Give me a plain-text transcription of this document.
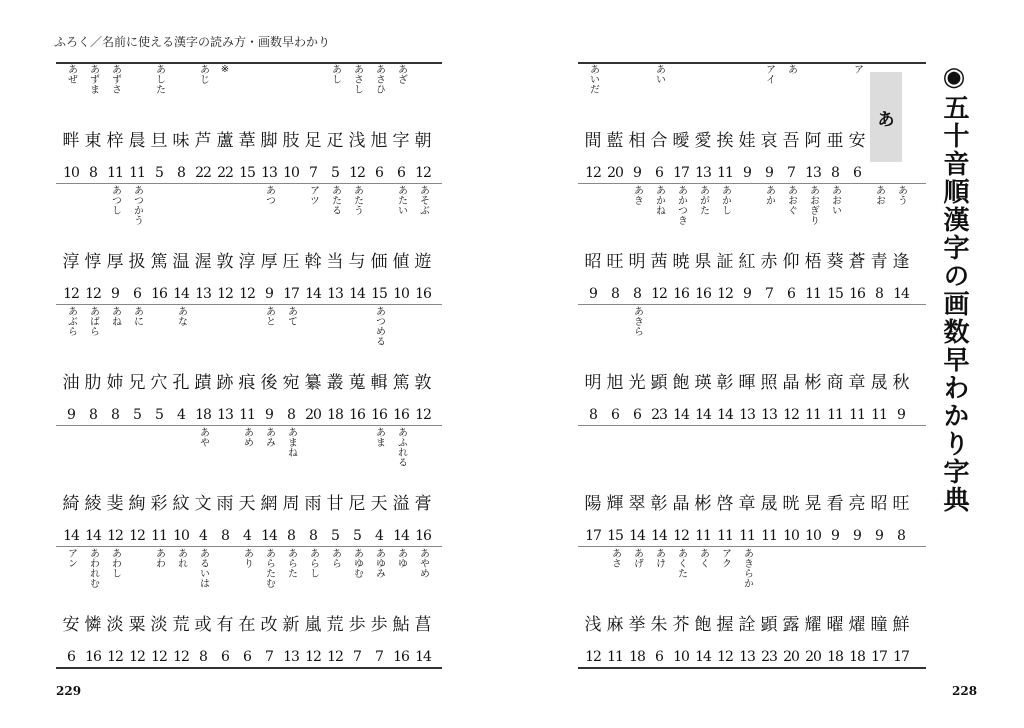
ふろく／名前に使える漢字の読み方・画数早わかり
あぜ
畔
10
あずま
東
8
あずさ
梓
11
晨
11
あした
旦
5
味
8
あじ
芦
22
※
蘆
22
葦
15
脚
13
肢
10
足
7
あし
疋
5
あさし
浅
12
あさひ
旭
6
あざ
字
6
朝
12
淳
12
惇
12
あつし
厚
9
あつかう
扱
6
篤
16
温
14
渥
13
敦
12
淳
12
あつ
厚
9
圧
17
アツ
斡
14
あたる
当
13
あたう
与
14
価
15
あたい
値
10
あそぶ
遊
16
あぶら
油
9
あばら
肋
8
あね
姉
8
あに
兄
5
穴
5
あな
孔
4
蹟
18
跡
13
痕
11
あと
後
9
あて
宛
8
纂
20
叢
18
蒐
16
あつめる
輯
16
篤
16
敦
12
綺
14
綾
14
斐
12
絢
12
彩
11
紋
10
あや
文
4
雨
8
あめ
天
4
あみ
網
14
あまね
周
8
雨
8
甘
5
尼
5
あま
天
4
あふれる
溢
14
膏
16
アン
安
6
あわれむ
憐
16
あわし
淡
12
粟
12
あわ
淡
12
あれ
荒
12
あるいは
或
8
有
6
あり
在
6
あらたむ
改
7
あらた
新
13
あらし
嵐
12
あら
荒
12
あゆむ
歩
7
あゆみ
歩
7
あゆ
鮎
16
あやめ
菖
14
229
あいだ
間
12
藍
20
相
9
あい
合
6
曖
17
愛
13
挨
11
娃
9
アイ
哀
9
あ
吾
7
阿
13
亜
8
ア
安
6
昭
9
旺
8
あき
明
8
あかね
茜
12
あかつき
暁
16
あがた
県
16
あかし
証
12
紅
9
あか
赤
7
あおぐ
仰
6
あおぎり
梧
11
あおい
葵
15
蒼
16
あお
青
8
あう
逢
14
明
8
旭
6
あきら
光
6
顕
23
飽
14
瑛
14
彰
14
暉
13
照
13
晶
12
彬
11
商
11
章
11
晟
11
秋
9
陽
17
輝
15
翠
14
彰
14
晶
12
彬
11
啓
11
章
11
晟
11
晄
10
晃
10
看
9
亮
9
昭
9
旺
8
浅
12
あさ
麻
11
あげ
挙
18
あけ
朱
6
あくた
芥
10
あく
飽
14
アク
握
12
あきらか
詮
13
顕
23
露
20
耀
20
曜
18
燿
18
瞳
17
鮮
17
あ ◉五十音順漢字の画数早わかり字典
228
